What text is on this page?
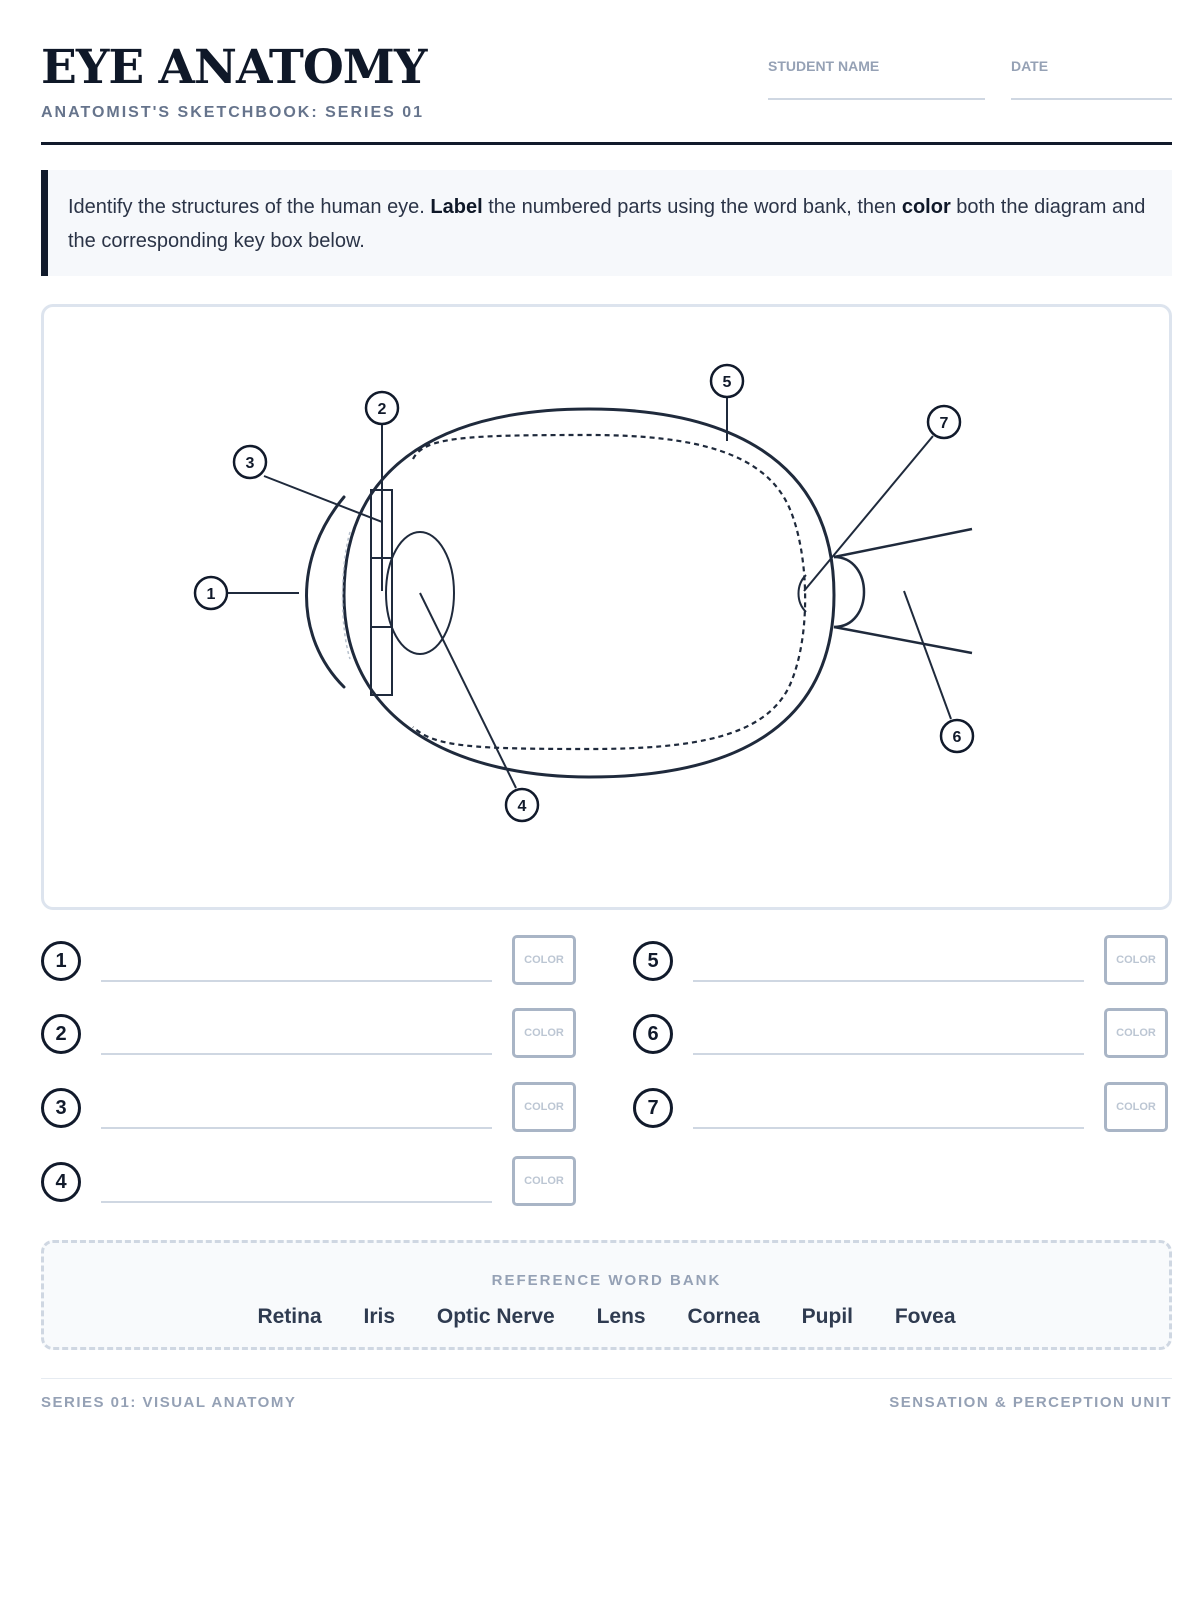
EYE ANATOMY
ANATOMIST'S SKETCHBOOK: SERIES 01
STUDENT NAME	DATE
Identify the structures of the human eye. Label the numbered parts using the word bank, then color both the diagram and the corresponding key box below.
1
2
3
4
5
6
7
1	COLOR
2	COLOR
3	COLOR
4	COLOR
5	COLOR
6	COLOR
7	COLOR
REFERENCE WORD BANK
Retina Iris Optic Nerve Lens Cornea Pupil Fovea
SERIES 01: VISUAL ANATOMY	SENSATION & PERCEPTION UNIT
